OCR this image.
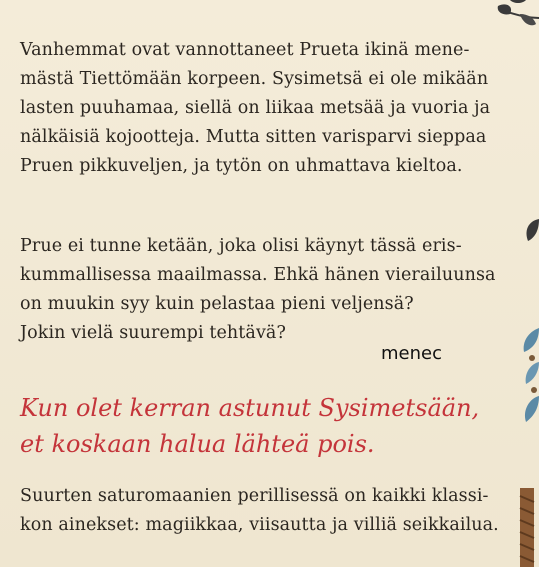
Vanhemmat ovat vannottaneet Prueta ikinä mene-
mästä Tiettömään korpeen. Sysimetsä ei ole mikään
lasten puuhamaa, siellä on liikaa metsää ja vuoria ja
nälkäisiä kojootteja. Mutta sitten varisparvi sieppaa
Pruen pikkuveljen, ja tytön on uhmattava kieltoa.
Prue ei tunne ketään, joka olisi käynyt tässä eris-
kummallisessa maailmassa. Ehkä hänen vierailuunsa
on muukin syy kuin pelastaa pieni veljensä?
Jokin vielä suurempi tehtävä?
menec
Kun olet kerran astunut Sysimetsään,
et koskaan halua lähteä pois.
Suurten saturomaanien perillisessä on kaikki klassi-
kon ainekset: magiikkaa, viisautta ja villiä seikkailua.
